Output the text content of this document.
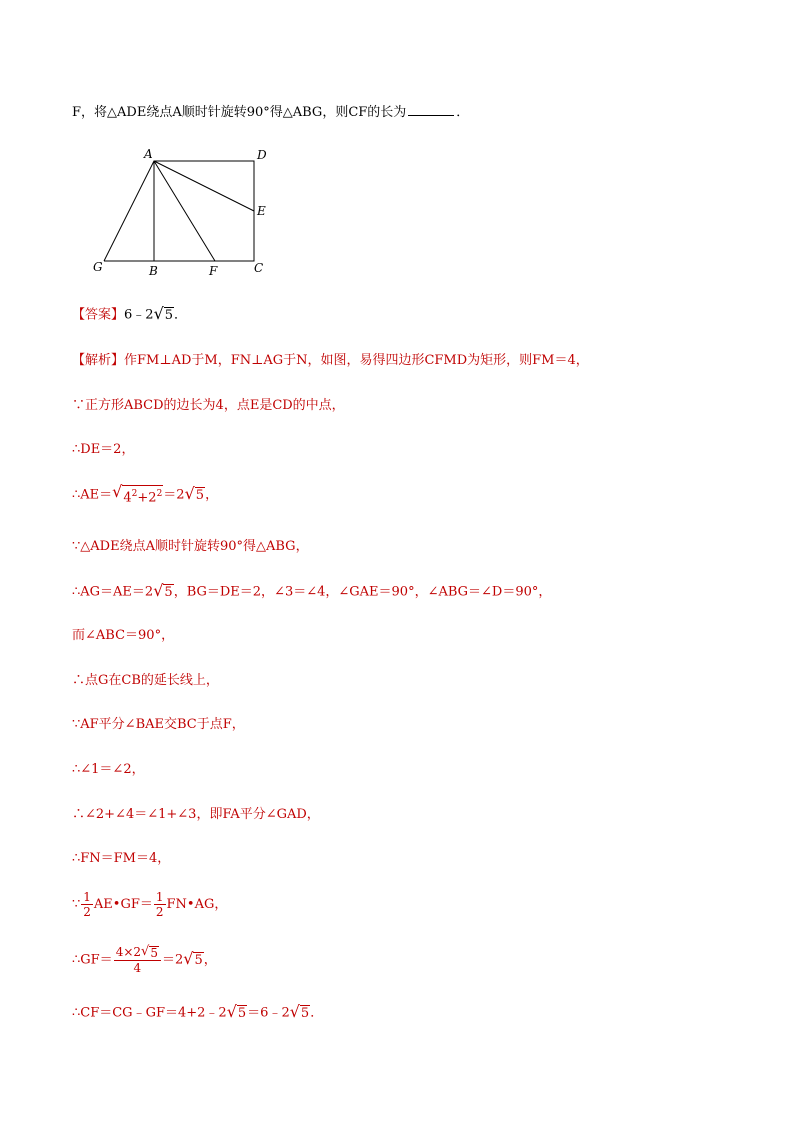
F，将△ADE绕点A顺时针旋转90°得△ABG，则CF的长为	．
A	D
E
G	B	F	C
【答案】6﹣2 √ 5 ．
【解析】作FM⊥AD于M，FN⊥AG于N，如图，易得四边形CFMD为矩形，则FM＝4，
∵正方形ABCD的边长为4，点E是CD的中点，
∴DE＝2，
∴AE＝ √ $4^2+2^2 =2$ √ 5 ，
∵△ADE绕点A顺时针旋转90°得△ABG，
∴AG＝AE＝2 √ 5 ，BG＝DE＝2，∠3＝∠4，∠GAE＝90°，∠ABG＝∠D＝90°，
而∠ABC＝90°，
∴点G在CB的延长线上，
∵AF平分∠BAE交BC于点F，
∴∠1＝∠2，
∴∠2+∠4＝∠1+∠3，即FA平分∠GAD，
∴FN＝FM＝4，
∵ $\frac{1}{2}$ AE•GF＝ $\frac{1}{2}$ FN•AG，
∴GF＝ $\frac{4\times 2 √ 5}{4} =2$ √ 5 ，
∴CF＝CG﹣GF＝4+2﹣2 √ 5 ＝6﹣2 √ 5 ．
